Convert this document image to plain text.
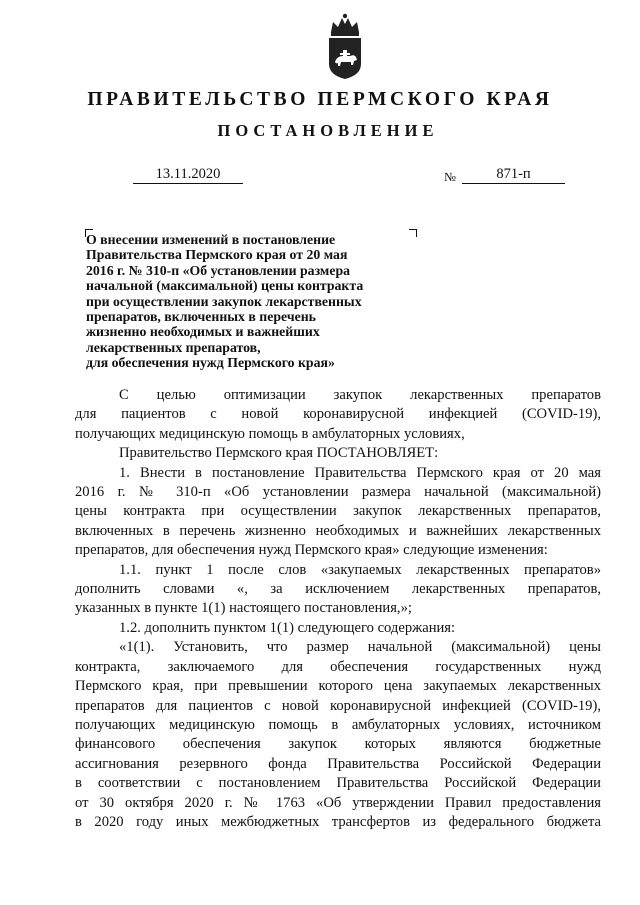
ПРАВИТЕЛЬСТВО ПЕРМСКОГО КРАЯ
ПОСТАНОВЛЕНИЕ
13.11.2020	№	871-п
О внесении изменений в постановление
Правительства Пермского края от 20 мая
2016 г. № 310-п «Об установлении размера
начальной (максимальной) цены контракта
при осуществлении закупок лекарственных
препаратов, включенных в перечень
жизненно необходимых и важнейших
лекарственных препаратов,
для обеспечения нужд Пермского края»

С целью оптимизации закупок лекарственных препаратов

для пациентов с новой коронавирусной инфекцией (COVID-19),

получающих медицинскую помощь в амбулаторных условиях,

Правительство Пермского края ПОСТАНОВЛЯЕТ:

1. Внести в постановление Правительства Пермского края от 20 мая

2016 г. № 310-п «Об установлении размера начальной (максимальной)

цены контракта при осуществлении закупок лекарственных препаратов,

включенных в перечень жизненно необходимых и важнейших лекарственных

препаратов, для обеспечения нужд Пермского края» следующие изменения:

1.1. пункт 1 после слов «закупаемых лекарственных препаратов»

дополнить словами «, за исключением лекарственных препаратов,

указанных в пункте 1(1) настоящего постановления,»;

1.2. дополнить пунктом 1(1) следующего содержания:

«1(1). Установить, что размер начальной (максимальной) цены

контракта, заключаемого для обеспечения государственных нужд

Пермского края, при превышении которого цена закупаемых лекарственных

препаратов для пациентов с новой коронавирусной инфекцией (COVID-19),

получающих медицинскую помощь в амбулаторных условиях, источником

финансового обеспечения закупок которых являются бюджетные

ассигнования резервного фонда Правительства Российской Федерации

в соответствии с постановлением Правительства Российской Федерации

от 30 октября 2020 г. № 1763 «Об утверждении Правил предоставления

в 2020 году иных межбюджетных трансфертов из федерального бюджета
